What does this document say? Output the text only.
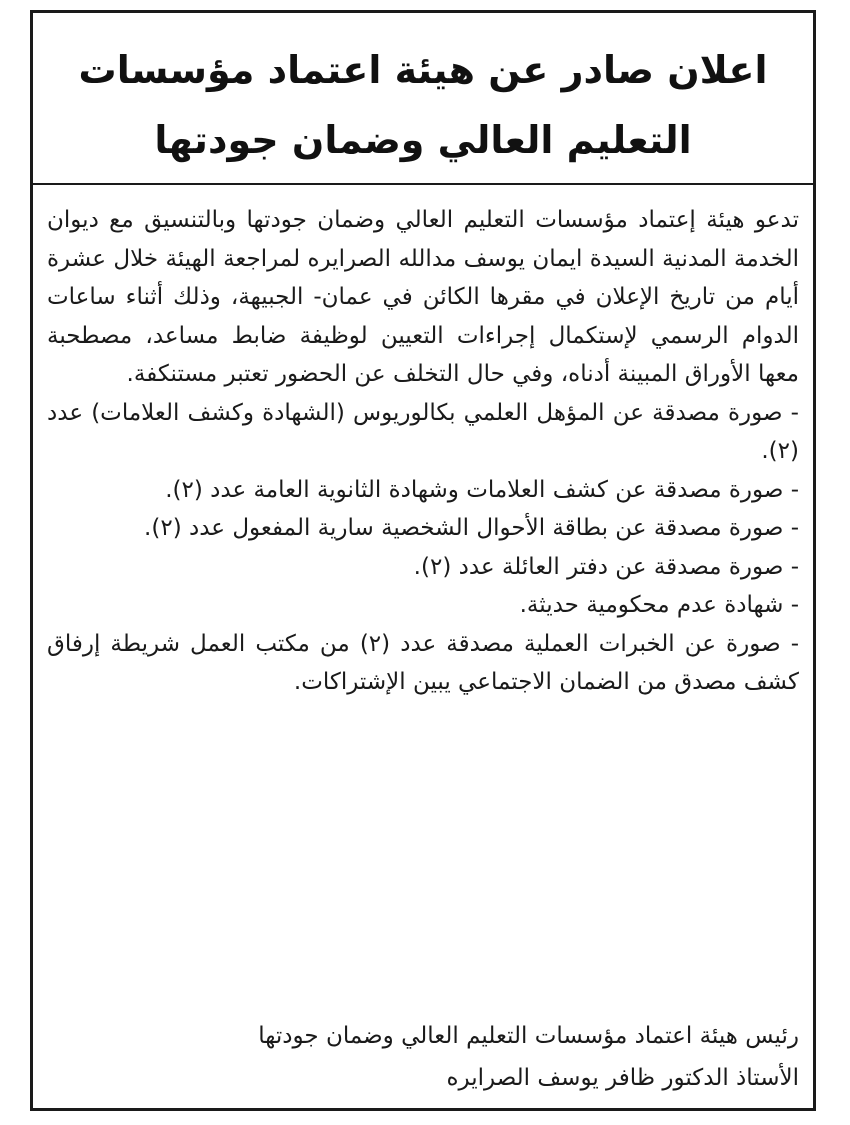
اعلان صادر عن هيئة اعتماد مؤسسات
التعليم العالي وضمان جودتها

تدعو هيئة إعتماد مؤسسات التعليم العالي وضمان جودتها وبالتنسيق مع ديوان الخدمة المدنية السيدة ايمان يوسف مدالله الصرايره لمراجعة الهيئة خلال عشرة أيام من تاريخ الإعلان في مقرها الكائن في عمان- الجبيهة، وذلك أثناء ساعات الدوام الرسمي لإستكمال إجراءات التعيين لوظيفة ضابط مساعد، مصطحبة معها الأوراق المبينة أدناه، وفي حال التخلف عن الحضور تعتبر مستنكفة.

- صورة مصدقة عن المؤهل العلمي بكالوريوس (الشهادة وكشف العلامات) عدد (٢).
- صورة مصدقة عن كشف العلامات وشهادة الثانوية العامة عدد (٢).
- صورة مصدقة عن بطاقة الأحوال الشخصية سارية المفعول عدد (٢).
- صورة مصدقة عن دفتر العائلة عدد (٢).
- شهادة عدم محكومية حديثة.
- صورة عن الخبرات العملية مصدقة عدد (٢) من مكتب العمل شريطة إرفاق كشف مصدق من الضمان الاجتماعي يبين الإشتراكات.
رئيس هيئة اعتماد مؤسسات التعليم العالي وضمان جودتها
الأستاذ الدكتور ظافر يوسف الصرايره
